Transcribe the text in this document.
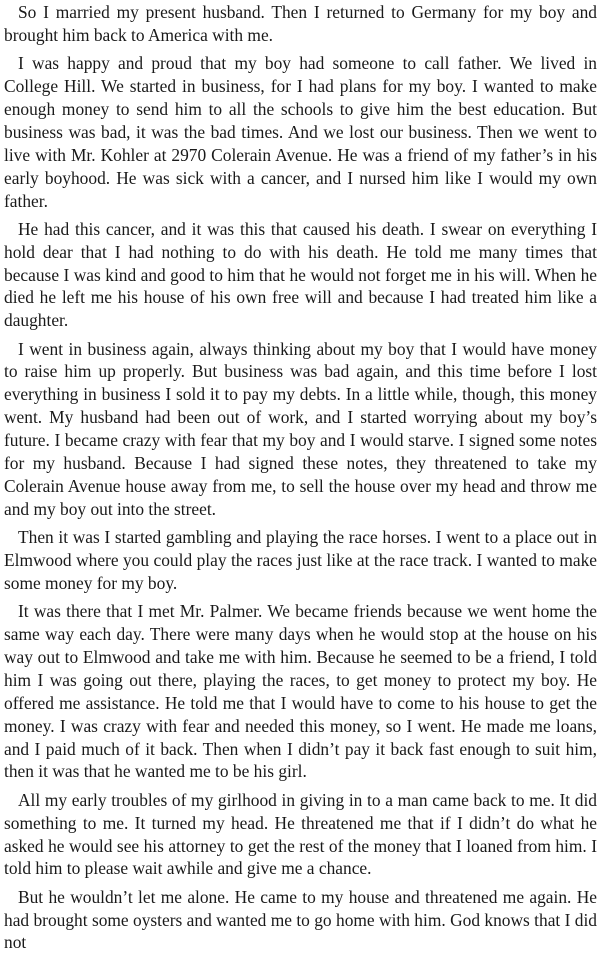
So I married my present husband. Then I returned to Germany for my boy and brought him back to America with me.

I was happy and proud that my boy had someone to call father. We lived in College Hill. We started in business, for I had plans for my boy. I wanted to make enough money to send him to all the schools to give him the best education. But business was bad, it was the bad times. And we lost our business. Then we went to live with Mr. Kohler at 2970 Colerain Avenue. He was a friend of my father’s in his early boyhood. He was sick with a cancer, and I nursed him like I would my own father.

He had this cancer, and it was this that caused his death. I swear on everything I hold dear that I had nothing to do with his death. He told me many times that because I was kind and good to him that he would not forget me in his will. When he died he left me his house of his own free will and because I had treated him like a daughter.

I went in business again, always thinking about my boy that I would have money to raise him up properly. But business was bad again, and this time before I lost everything in business I sold it to pay my debts. In a little while, though, this money went. My husband had been out of work, and I started worrying about my boy’s future. I became crazy with fear that my boy and I would starve. I signed some notes for my husband. Because I had signed these notes, they threatened to take my Colerain Avenue house away from me, to sell the house over my head and throw me and my boy out into the street.

Then it was I started gambling and playing the race horses. I went to a place out in Elmwood where you could play the races just like at the race track. I wanted to make some money for my boy.

It was there that I met Mr. Palmer. We became friends because we went home the same way each day. There were many days when he would stop at the house on his way out to Elmwood and take me with him. Because he seemed to be a friend, I told him I was going out there, playing the races, to get money to protect my boy. He offered me assistance. He told me that I would have to come to his house to get the money. I was crazy with fear and needed this money, so I went. He made me loans, and I paid much of it back. Then when I didn’t pay it back fast enough to suit him, then it was that he wanted me to be his girl.

All my early troubles of my girlhood in giving in to a man came back to me. It did something to me. It turned my head. He threatened me that if I didn’t do what he asked he would see his attorney to get the rest of the money that I loaned from him. I told him to please wait awhile and give me a chance.

But he wouldn’t let me alone. He came to my house and threatened me again. He had brought some oysters and wanted me to go home with him. God knows that I did not
